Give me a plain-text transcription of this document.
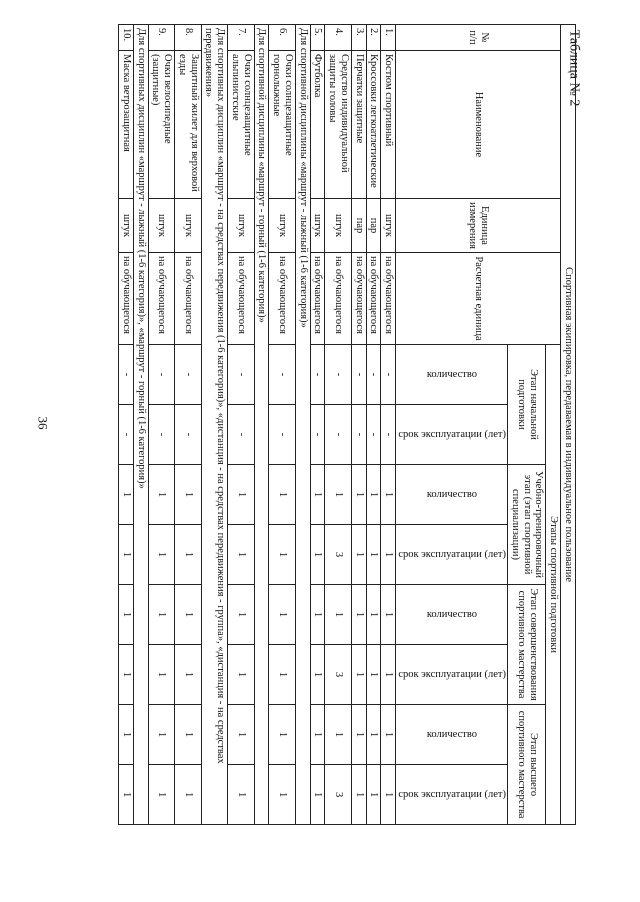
36
Таблица № 2
Спортивная экипировка, передаваемая в индивидуальное пользование											
№ п/п	Наименование	Единица измерения	Расчетная единица	Этапы спортивной подготовки							
				Этап начальной подготовки		Учебно-тренировочный этап (этап спортивной специализации)		Этап совершенствования спортивного мастерства		Этап высшего спортивного мастерства	

				количество	срок эксплуатации (лет)	количество	срок эксплуатации (лет)	количество	срок эксплуатации (лет)	количество	срок эксплуатации (лет)

1.	Костюм спортивный	штук	на обучающегося	-	-	1	1	1	1	1	1
2.	Кроссовки легкоатлетические	пар	на обучающегося	-	-	1	1	1	1	1	1
3.	Перчатки защитные	пар	на обучающегося	-	-	1	1	1	1	1	1
4.	Средство индивидуальной защиты головы	штук	на обучающегося	-	-	1	3	1	3	1	3
5.	Футболка	штук	на обучающегося	-	-	1	1	1	1	1	1
Для спортивной дисциплины «маршрут - лыжный (1-6 категория)»											
6.	Очки солнцезащитные горнолыжные	штук	на обучающегося	-	-	1	1	1	1	1	1
Для спортивной дисциплины «маршрут - горный (1-6 категория)»											
7.	Очки солнцезащитные альпинистские	штук	на обучающегося	-	-	1	1	1	1	1	1
Для спортивных дисциплин «маршрут - на средствах передвижения (1-6 категория)», «дистанция - на средствах передвижения - группа», «дистанция - на средствах передвижения»											
8.	Защитный жилет для верховой езды	штук	на обучающегося	-	-	1	1	1	1	1	1
9.	Очки велосипедные (защитные)	штук	на обучающегося	-	-	1	1	1	1	1	1
Для спортивных дисциплин «маршрут - лыжный (1-6 категория)», «маршрут - горный (1-6 категория)»											
10.	Маска ветрозащитная	штук	на обучающегося	-	-	1	1	1	1	1	1
